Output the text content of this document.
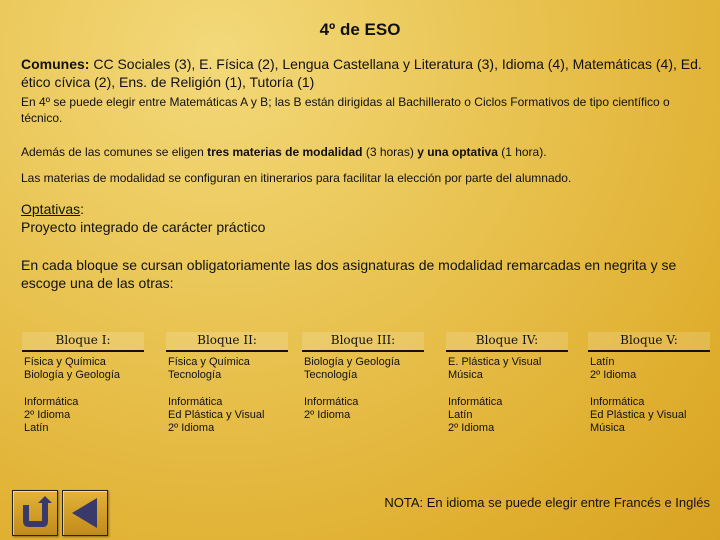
4º de ESO
Comunes: CC Sociales (3), E. Física (2), Lengua Castellana y Literatura (3), Idioma (4), Matemáticas (4), Ed. ético cívica (2), Ens. de Religión (1), Tutoría (1)
En 4º se puede elegir entre Matemáticas A y B; las B están dirigidas al Bachillerato o Ciclos Formativos de tipo científico o técnico.
Además de las comunes se eligen tres materias de modalidad (3 horas) y una optativa (1 hora).
Las materias de modalidad se configuran en itinerarios para facilitar la elección por parte del alumnado.
Optativas:
Proyecto integrado de carácter práctico
En cada bloque se cursan obligatoriamente las dos asignaturas de modalidad remarcadas en negrita y se escoge una de las otras:
Bloque I:
Física y Química
Biología y Geología
Informática
2º Idioma
Latín
Bloque II:
Física y Química
Tecnología
Informática
Ed Plástica y Visual
2º Idioma
Bloque III:
Biología y Geología
Tecnología
Informática
2º Idioma
Bloque IV:
E. Plástica y Visual
Música
Informática
Latín
2º Idioma
Bloque V:
Latín
2º Idioma
Informática
Ed Plástica y Visual
Música
NOTA: En idioma se puede elegir entre Francés e Inglés
